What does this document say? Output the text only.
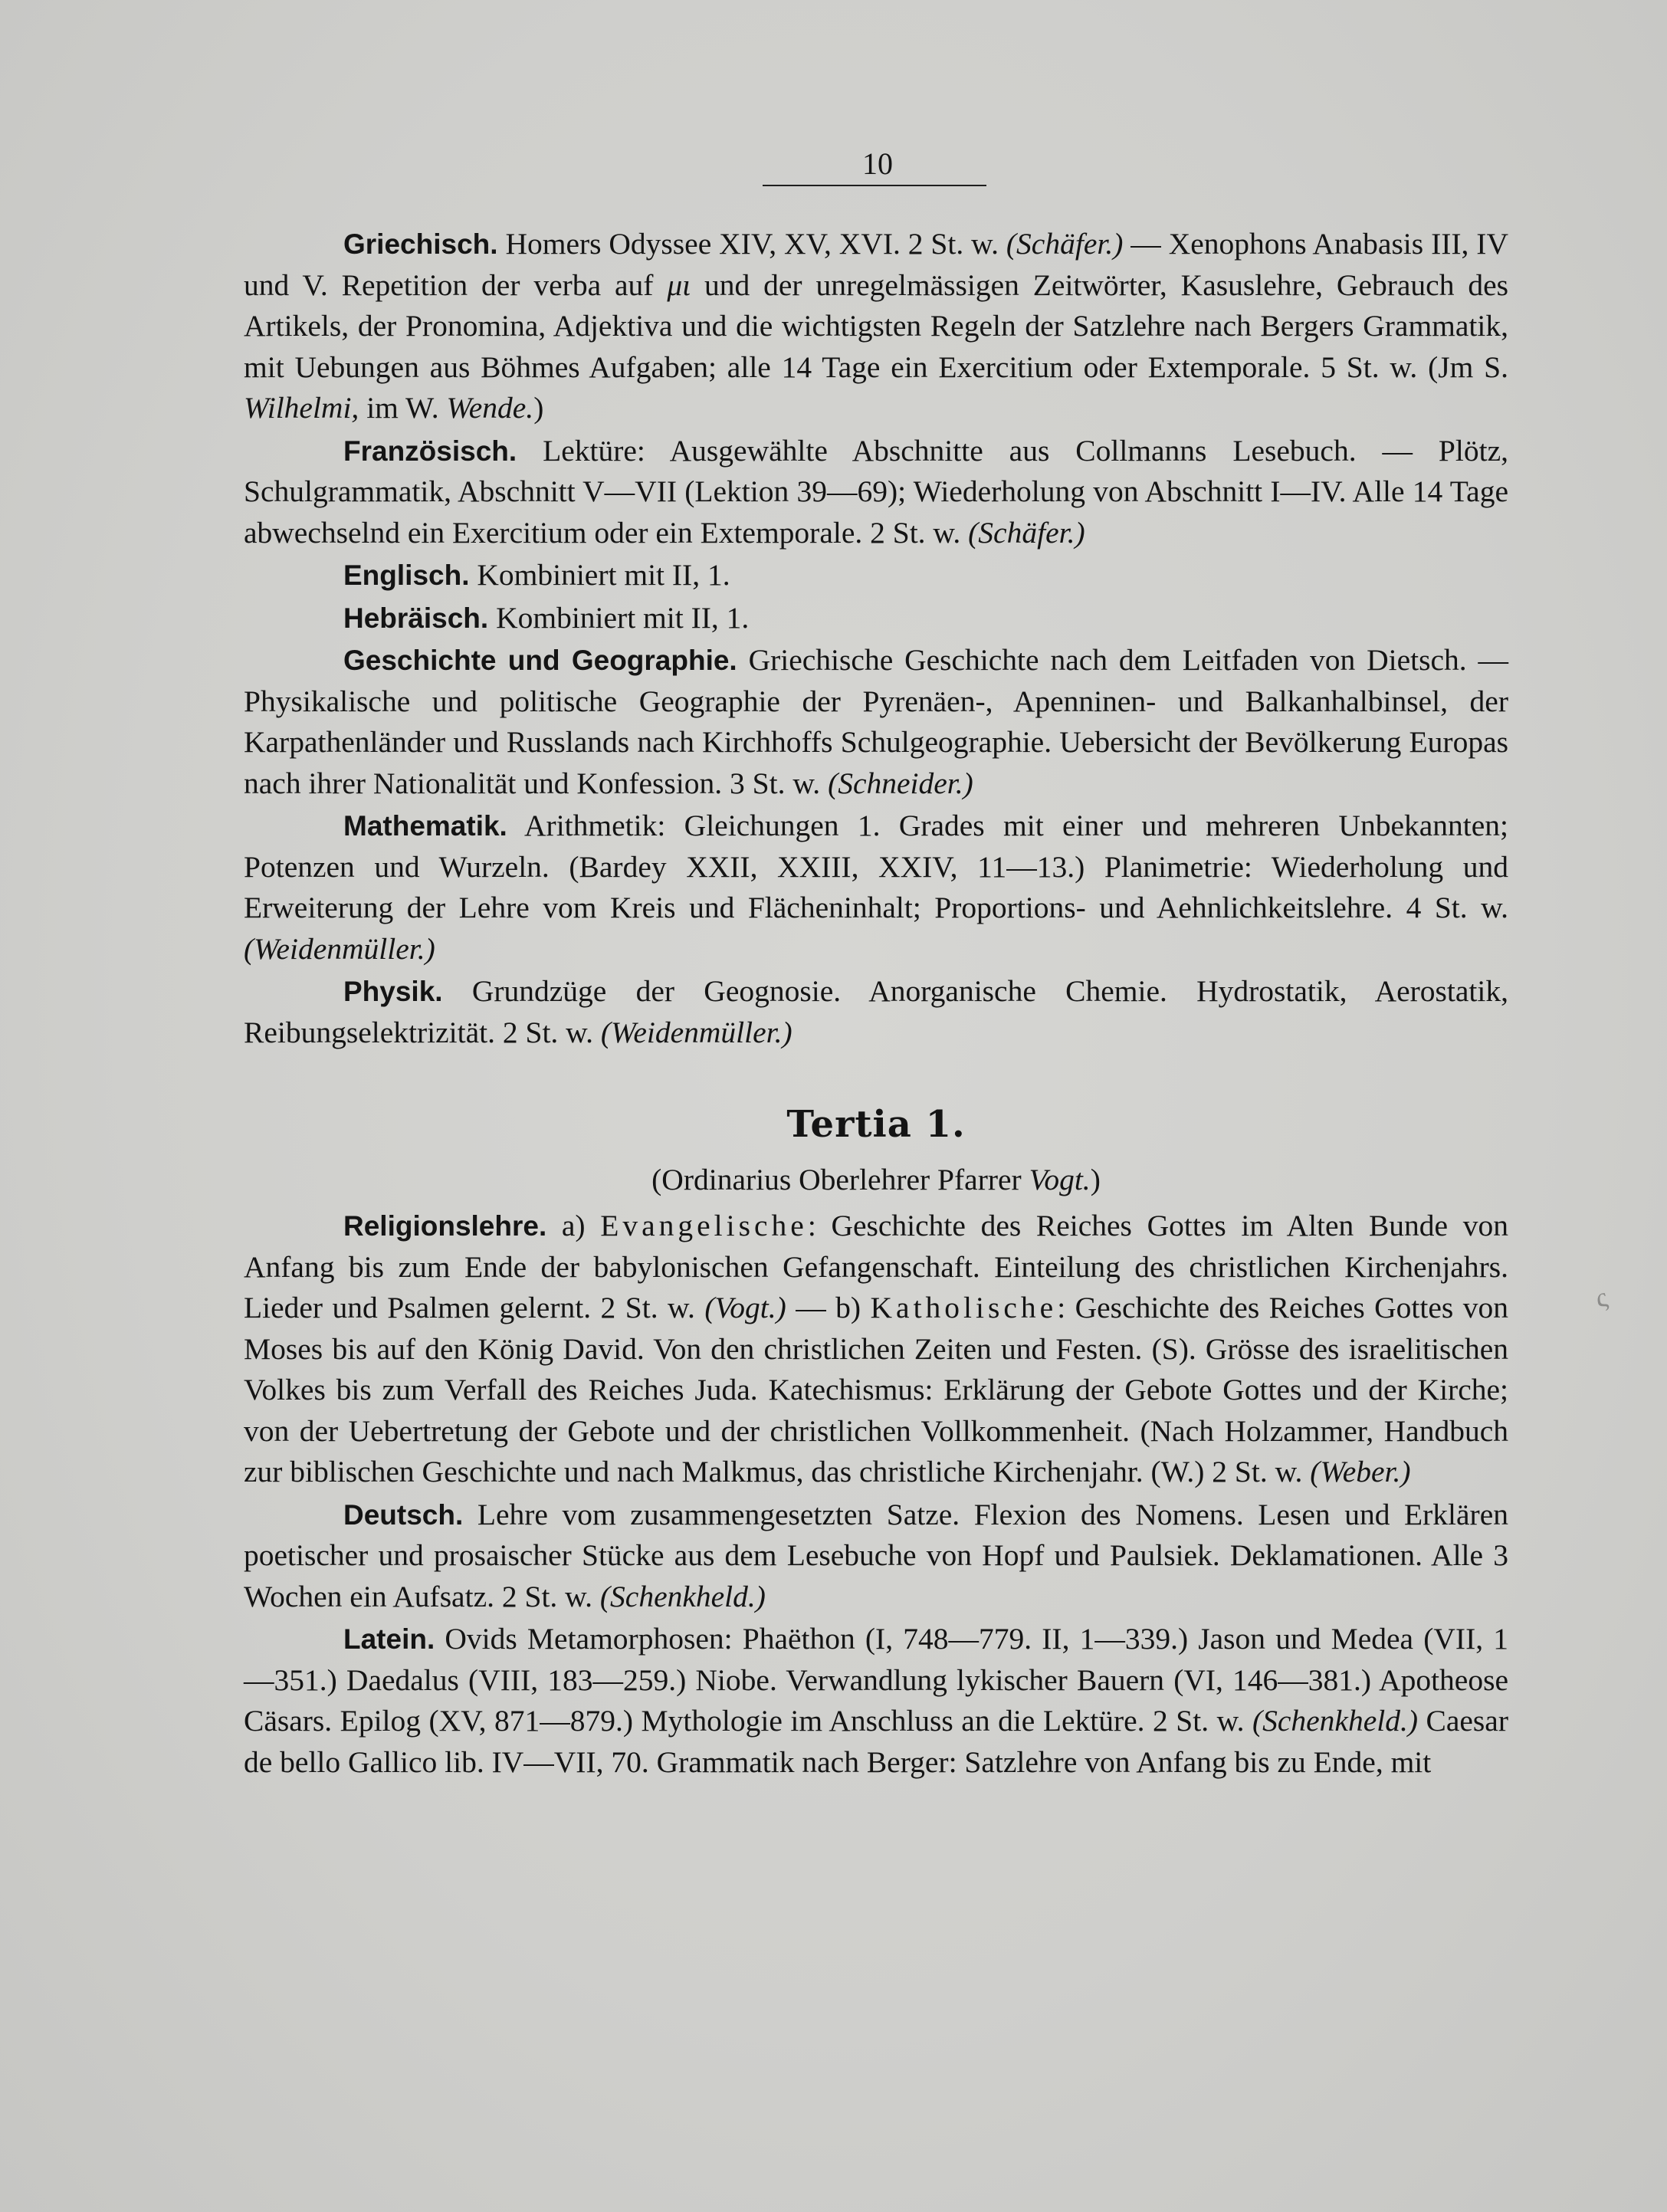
10

Griechisch. Homers Odyssee XIV, XV, XVI. 2 St. w. (Schäfer.) — Xenophons Anabasis III, IV und V. Repetition der verba auf μι und der unregelmässigen Zeitwörter, Kasuslehre, Gebrauch des Artikels, der Pronomina, Adjektiva und die wichtigsten Regeln der Satzlehre nach Bergers Grammatik, mit Uebungen aus Böhmes Aufgaben; alle 14 Tage ein Exercitium oder Extemporale. 5 St. w. (Jm S. Wilhelmi, im W. Wende.)

Französisch. Lektüre: Ausgewählte Abschnitte aus Collmanns Lesebuch. — Plötz, Schulgrammatik, Abschnitt V—VII (Lektion 39—69); Wiederholung von Abschnitt I—IV. Alle 14 Tage abwechselnd ein Exercitium oder ein Extemporale. 2 St. w. (Schäfer.)

Englisch. Kombiniert mit II, 1.

Hebräisch. Kombiniert mit II, 1.

Geschichte und Geographie. Griechische Geschichte nach dem Leitfaden von Dietsch. — Physikalische und politische Geographie der Pyrenäen-, Apenninen- und Balkanhalbinsel, der Karpathenländer und Russlands nach Kirchhoffs Schulgeographie. Uebersicht der Bevölkerung Europas nach ihrer Nationalität und Konfession. 3 St. w. (Schneider.)

Mathematik. Arithmetik: Gleichungen 1. Grades mit einer und mehreren Unbekannten; Potenzen und Wurzeln. (Bardey XXII, XXIII, XXIV, 11—13.) Planimetrie: Wiederholung und Erweiterung der Lehre vom Kreis und Flächeninhalt; Proportions- und Aehnlichkeitslehre. 4 St. w. (Weidenmüller.)

Physik. Grundzüge der Geognosie. Anorganische Chemie. Hydrostatik, Aerostatik, Reibungselektrizität. 2 St. w. (Weidenmüller.)

Tertia 1.

(Ordinarius Oberlehrer Pfarrer Vogt.)

Religionslehre. a) Evangelische: Geschichte des Reiches Gottes im Alten Bunde von Anfang bis zum Ende der babylonischen Gefangenschaft. Einteilung des christlichen Kirchenjahrs. Lieder und Psalmen gelernt. 2 St. w. (Vogt.) — b) Katholische: Geschichte des Reiches Gottes von Moses bis auf den König David. Von den christlichen Zeiten und Festen. (S). Grösse des israelitischen Volkes bis zum Verfall des Reiches Juda. Katechismus: Erklärung der Gebote Gottes und der Kirche; von der Uebertretung der Gebote und der christlichen Vollkommenheit. (Nach Holzammer, Handbuch zur biblischen Geschichte und nach Malkmus, das christliche Kirchenjahr. (W.) 2 St. w. (Weber.)

Deutsch. Lehre vom zusammengesetzten Satze. Flexion des Nomens. Lesen und Erklären poetischer und prosaischer Stücke aus dem Lesebuche von Hopf und Paulsiek. Deklamationen. Alle 3 Wochen ein Aufsatz. 2 St. w. (Schenkheld.)

Latein. Ovids Metamorphosen: Phaëthon (I, 748—779. II, 1—339.) Jason und Medea (VII, 1—351.) Daedalus (VIII, 183—259.) Niobe. Verwandlung lykischer Bauern (VI, 146—381.) Apotheose Cäsars. Epilog (XV, 871—879.) Mythologie im Anschluss an die Lektüre. 2 St. w. (Schenkheld.) Caesar de bello Gallico lib. IV—VII, 70. Grammatik nach Berger: Satzlehre von Anfang bis zu Ende, mit

ς
